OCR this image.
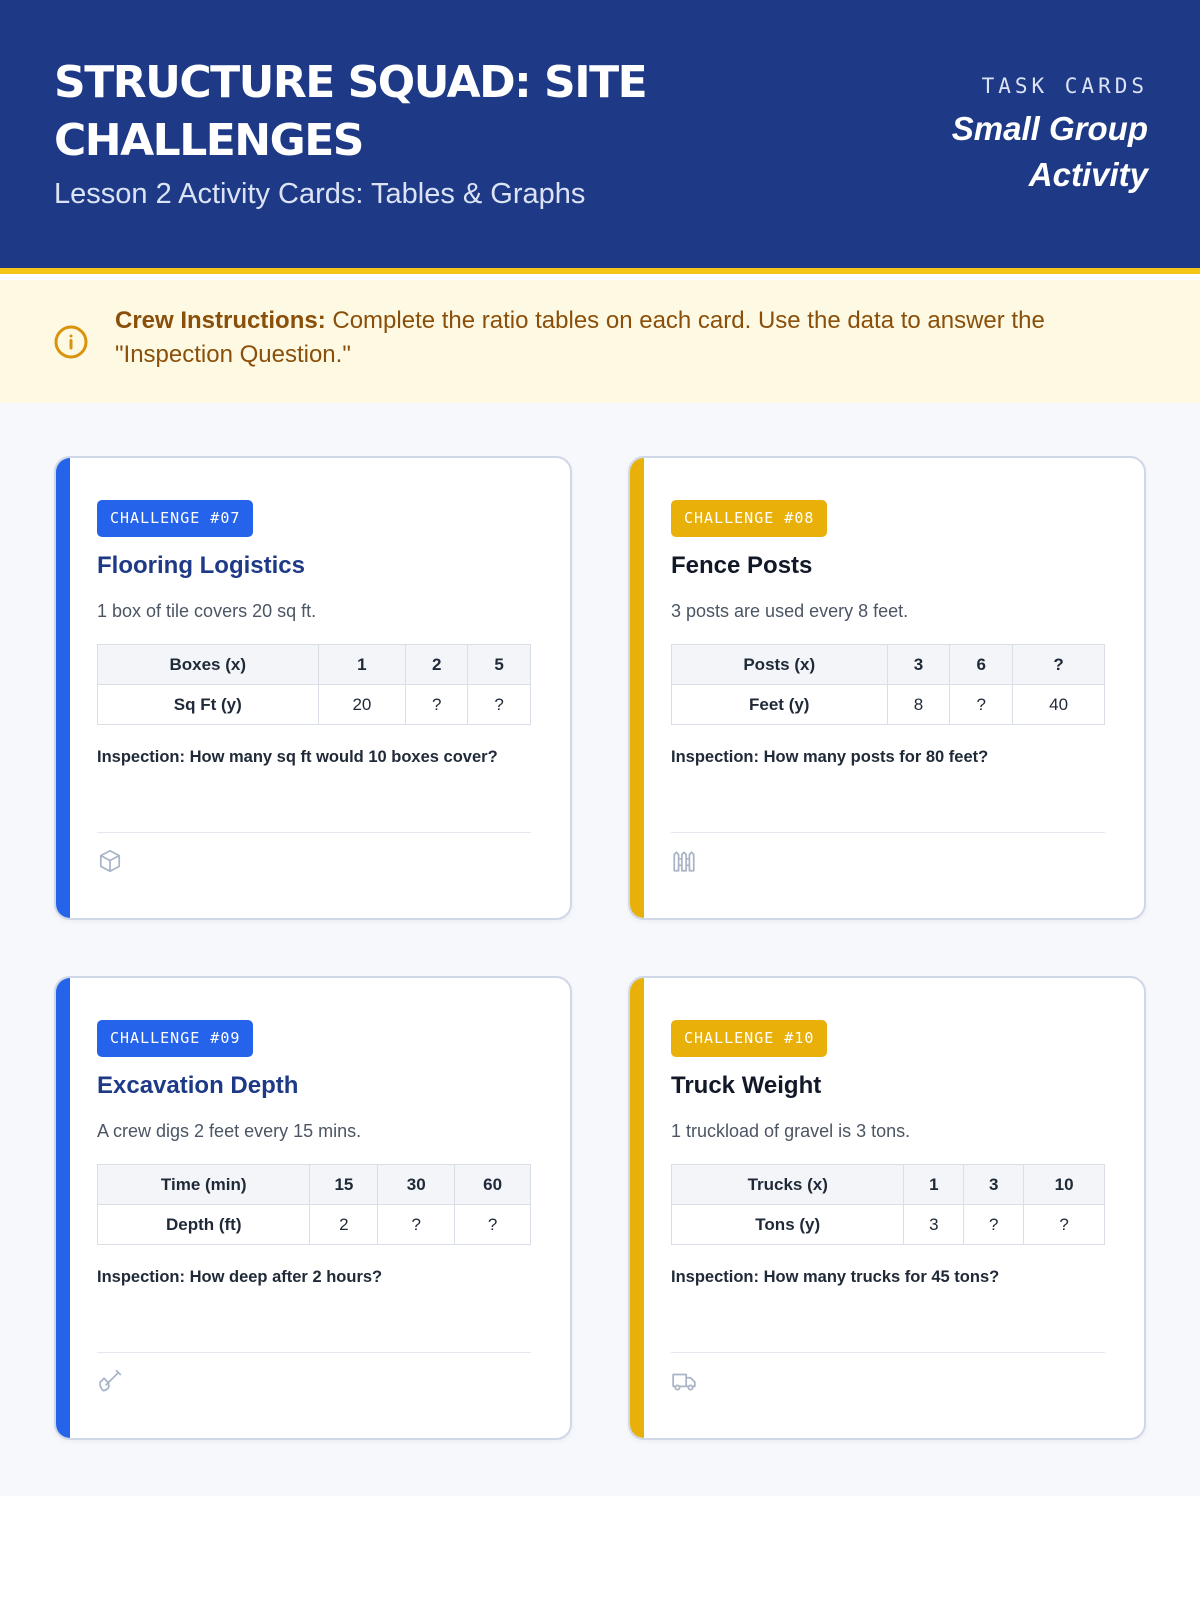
STRUCTURE SQUAD: SITE CHALLENGES
Lesson 2 Activity Cards: Tables & Graphs
TASK CARDS
Small Group
Activity
Crew Instructions: Complete the ratio tables on each card. Use the data to answer the "Inspection Question."
CHALLENGE #07
Flooring Logistics
1 box of tile covers 20 sq ft.
Boxes (x)	1	2	5
Sq Ft (y)	20	?	?
Inspection: How many sq ft would 10 boxes cover?
CHALLENGE #08
Fence Posts
3 posts are used every 8 feet.
Posts (x)	3	6	?
Feet (y)	8	?	40
Inspection: How many posts for 80 feet?
CHALLENGE #09
Excavation Depth
A crew digs 2 feet every 15 mins.
Time (min)	15	30	60
Depth (ft)	2	?	?
Inspection: How deep after 2 hours?
CHALLENGE #10
Truck Weight
1 truckload of gravel is 3 tons.
Trucks (x)	1	3	10
Tons (y)	3	?	?
Inspection: How many trucks for 45 tons?
